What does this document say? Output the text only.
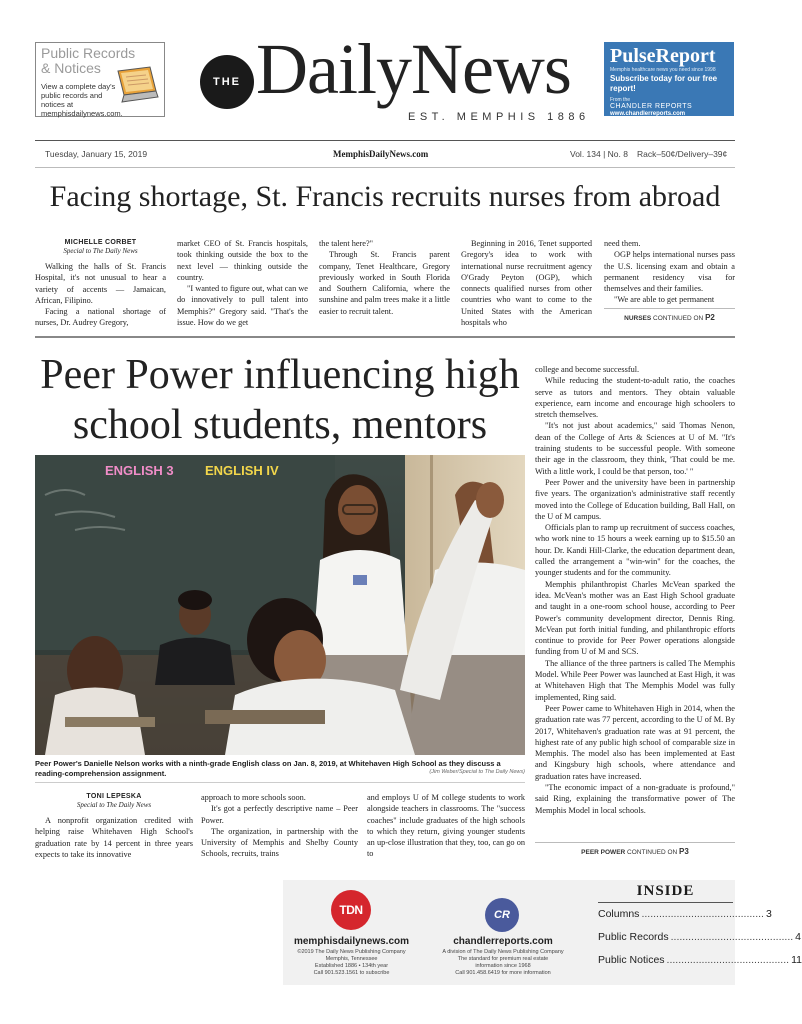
Public Records
& Notices
View a complete day's public records and notices at memphisdailynews.com.
THE DailyNews
EST. MEMPHIS 1886
PulseReport
Memphis healthcare news you need since 1998
Subscribe today for our free report!
From the
CHANDLER REPORTS
www.chandlerreports.com
Tuesday, January 15, 2019	MemphisDailyNews.com	Vol. 134 | No. 8 Rack–50¢/Delivery–39¢
Facing shortage, St. Francis recruits nurses from abroad
MICHELLE CORBET
Special to The Daily News

Walking the halls of St. Francis Hospital, it's not unusual to hear a variety of accents — Jamaican, African, Filipino.

Facing a national shortage of nurses, Dr. Audrey Gregory,

market CEO of St. Francis hospitals, took thinking outside the box to the next level — thinking outside the country.

"I wanted to figure out, what can we do innovatively to pull talent into Memphis?" Gregory said. "That's the issue. How do we get

the talent here?"

Through St. Francis parent company, Tenet Healthcare, Gregory previously worked in South Florida and Southern California, where the sunshine and palm trees make it a little easier to recruit talent.

Beginning in 2016, Tenet supported Gregory's idea to work with international nurse recruitment agency O'Grady Peyton (OGP), which connects qualified nurses from other countries who want to come to the United States with the American hospitals who

need them.

OGP helps international nurses pass the U.S. licensing exam and obtain a permanent residency visa for themselves and their families.

"We are able to get permanent

NURSES CONTINUED ON P2
Peer Power influencing high school students, mentors
ENGLISH 3 ENGLISH IV
Peer Power's Danielle Nelson works with a ninth-grade English class on Jan. 8, 2019, at Whitehaven High School as they discuss a reading-comprehension assignment.	(Jim Weber/Special to The Daily News)
TONI LEPESKA
Special to The Daily News

A nonprofit organization credited with helping raise Whitehaven High School's graduation rate by 14 percent in three years expects to take its innovative

approach to more schools soon.

It's got a perfectly descriptive name – Peer Power.

The organization, in partnership with the University of Memphis and Shelby County Schools, recruits, trains

and employs U of M college students to work alongside teachers in classrooms. The "success coaches" include graduates of the high schools to which they return, giving younger students an up-close illustration that they, too, can go on to

college and become successful.

While reducing the student-to-adult ratio, the coaches serve as tutors and mentors. They obtain valuable experience, earn income and encourage high schoolers to stretch themselves.

"It's not just about academics," said Thomas Nenon, dean of the College of Arts & Sciences at U of M. "It's training students to be successful people. With someone their age in the classroom, they think, 'That could be me. With a little work, I could be that person, too.' "

Peer Power and the university have been in partnership five years. The organization's administrative staff recently moved into the College of Education building, Ball Hall, on the U of M campus.

Officials plan to ramp up recruitment of success coaches, who work nine to 15 hours a week earning up to $15.50 an hour. Dr. Kandi Hill-Clarke, the education department dean, called the arrangement a "win-win" for the coaches, the younger students and for the community.

Memphis philanthropist Charles McVean sparked the idea. McVean's mother was an East High School graduate and taught in a one-room school house, according to Peer Power's community development director, Dennis Ring. McVean put forth initial funding, and philanthropic efforts continue to provide for Peer Power operations alongside funding from U of M and SCS.

The alliance of the three partners is called The Memphis Model. While Peer Power was launched at East High, it was at Whitehaven High that The Memphis Model was fully implemented, Ring said.

Peer Power came to Whitehaven High in 2014, when the graduation rate was 77 percent, according to the U of M. By 2017, Whitehaven's graduation rate was at 91 percent, the highest rate of any public high school of comparable size in Memphis. The model also has been implemented at East and Kingsbury high schools, where attendance and graduation rates have increased.

"The economic impact of a non-graduate is profound," said Ring, explaining the transformative power of The Memphis Model in local schools.

PEER POWER CONTINUED ON P3
TDN
memphisdailynews.com
©2019 The Daily News Publishing Company
Memphis, Tennessee
Established 1886 • 134th year
Call 901.523.1561 to subscribe
CR
chandlerreports.com
A division of The Daily News Publishing Company
The standard for premium real estate
information since 1968
Call 901.458.6419 for more information
INSIDE
Columns .......................................... 3
Public Records .......................................... 4
Public Notices .......................................... 11
